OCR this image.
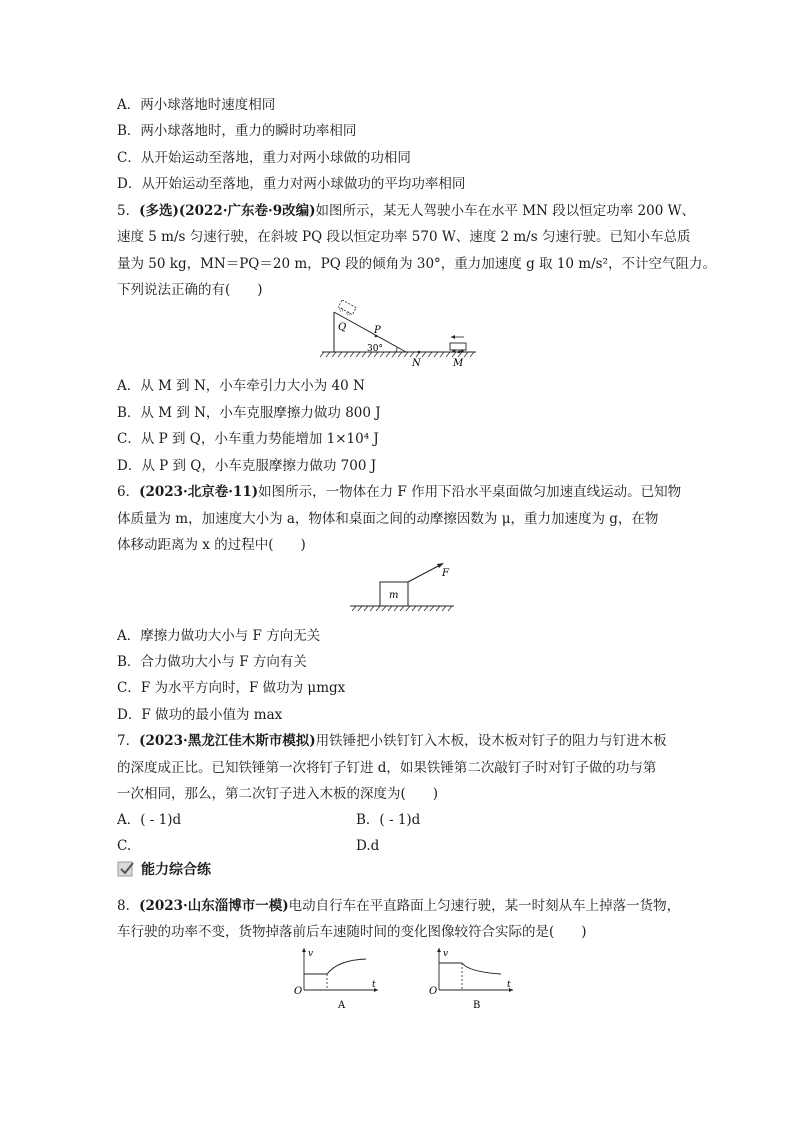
A．两小球落地时速度相同
B．两小球落地时，重力的瞬时功率相同
C．从开始运动至落地，重力对两小球做的功相同
D．从开始运动至落地，重力对两小球做功的平均功率相同
5．(多选)(2022·广东卷·9改编)如图所示，某无人驾驶小车在水平 MN 段以恒定功率 200 W、
速度 5 m/s 匀速行驶，在斜坡 PQ 段以恒定功率 570 W、速度 2 m/s 匀速行驶。已知小车总质
量为 50 kg，MN＝PQ＝20 m，PQ 段的倾角为 30°，重力加速度 g 取 10 m/s²，不计空气阻力。
下列说法正确的有(　　)
Q	P
30°
N	M
A．从 M 到 N，小车牵引力大小为 40 N
B．从 M 到 N，小车克服摩擦力做功 800 J
C．从 P 到 Q，小车重力势能增加 1×10⁴ J
D．从 P 到 Q，小车克服摩擦力做功 700 J
6．(2023·北京卷·11)如图所示，一物体在力 F 作用下沿水平桌面做匀加速直线运动。已知物
体质量为 m，加速度大小为 a，物体和桌面之间的动摩擦因数为 μ，重力加速度为 g，在物
体移动距离为 x 的过程中(　　)
m
F
A．摩擦力做功大小与 F 方向无关
B．合力做功大小与 F 方向有关
C．F 为水平方向时，F 做功为 μmgx
D．F 做功的最小值为 max
7．(2023·黑龙江佳木斯市模拟)用铁锤把小铁钉钉入木板，设木板对钉子的阻力与钉进木板
的深度成正比。已知铁锤第一次将钉子钉进 d，如果铁锤第二次敲钉子时对钉子做的功与第
一次相同，那么，第二次钉子进入木板的深度为(　　)
A．( - 1)d	B．( - 1)d
C.	D.d
能力综合练
8．(2023·山东淄博市一模)电动自行车在平直路面上匀速行驶，某一时刻从车上掉落一货物，
车行驶的功率不变，货物掉落前后车速随时间的变化图像较符合实际的是(　　)
v
t
O
A
v
t
O
B
